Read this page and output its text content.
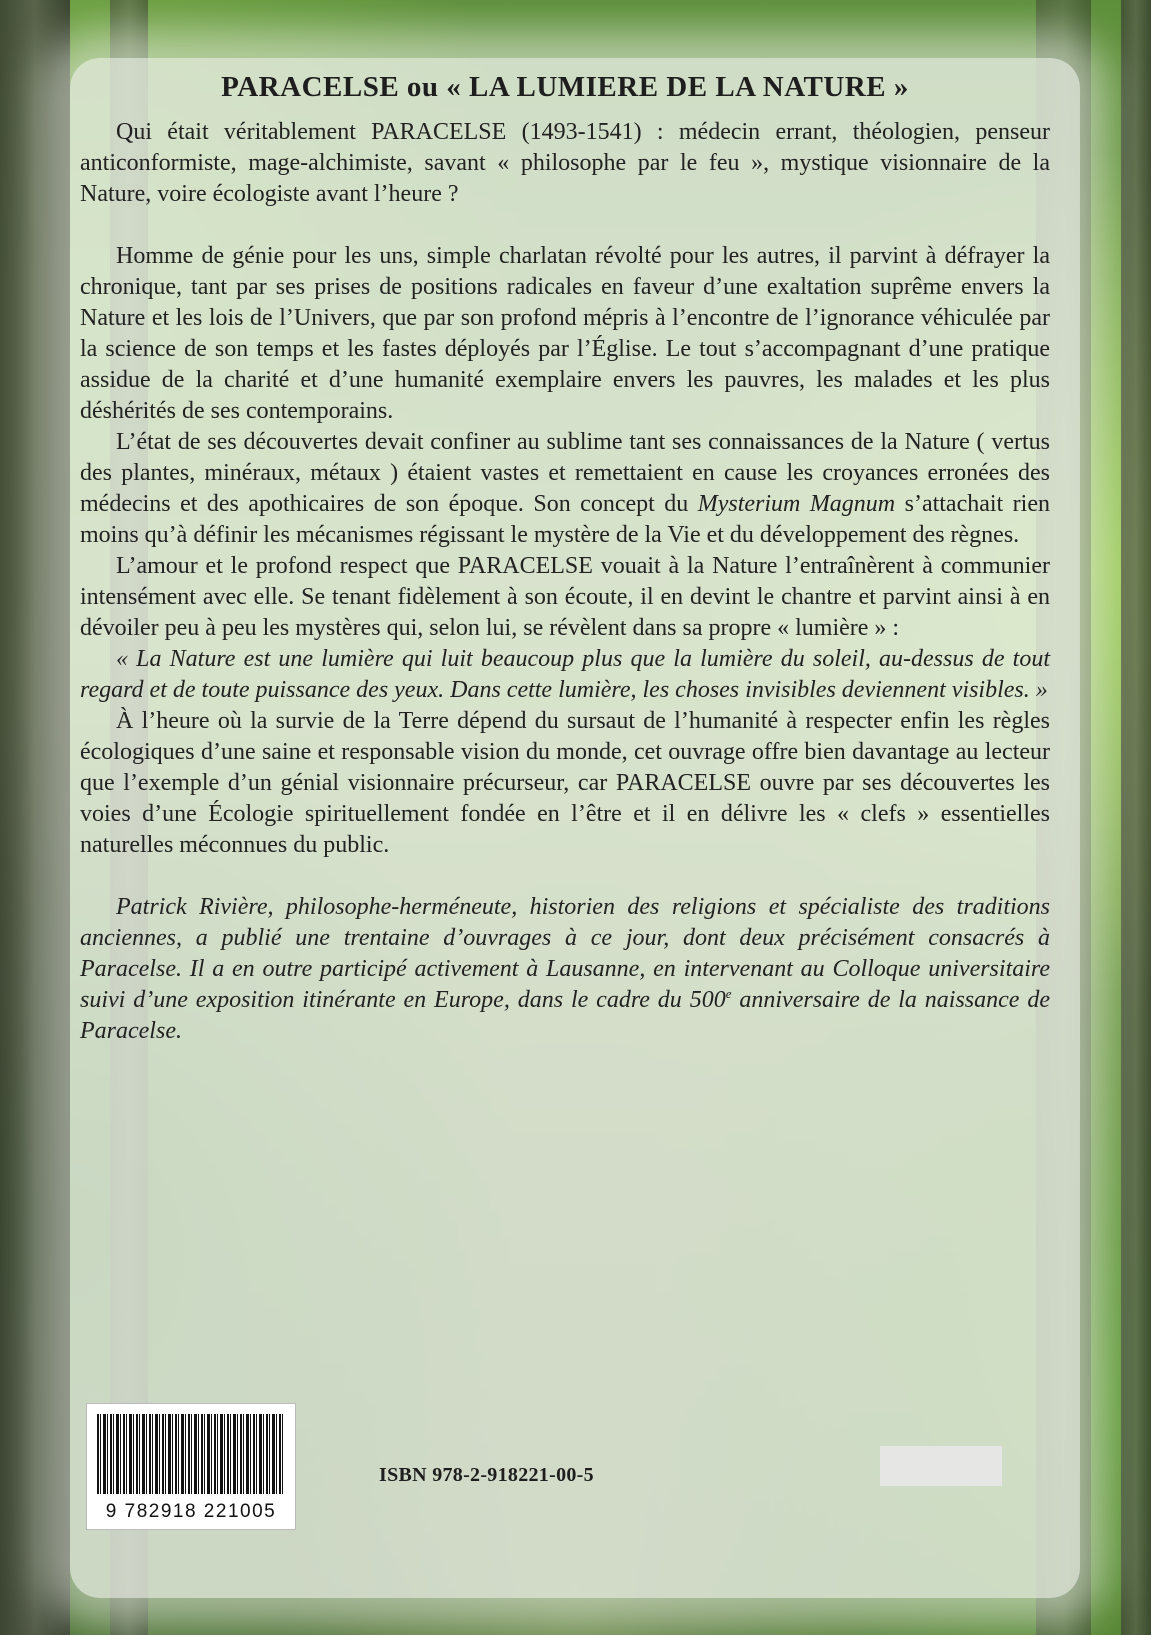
PARACELSE ou « LA LUMIERE DE LA NATURE »

Qui était véritablement PARACELSE (1493-1541) : médecin errant, théologien, penseur anticonformiste, mage-alchimiste, savant « philosophe par le feu », mystique visionnaire de la Nature, voire écologiste avant l’heure ?

Homme de génie pour les uns, simple charlatan révolté pour les autres, il parvint à défrayer la chronique, tant par ses prises de positions radicales en faveur d’une exaltation suprême envers la Nature et les lois de l’Univers, que par son profond mépris à l’encontre de l’ignorance véhiculée par la science de son temps et les fastes déployés par l’Église. Le tout s’accompagnant d’une pratique assidue de la charité et d’une humanité exemplaire envers les pauvres, les malades et les plus déshérités de ses contemporains.

L’état de ses découvertes devait confiner au sublime tant ses connaissances de la Nature ( vertus des plantes, minéraux, métaux ) étaient vastes et remettaient en cause les croyances erronées des médecins et des apothicaires de son époque. Son concept du Mysterium Magnum s’attachait rien moins qu’à définir les mécanismes régissant le mystère de la Vie et du développement des règnes.

L’amour et le profond respect que PARACELSE vouait à la Nature l’entraînèrent à communier intensément avec elle. Se tenant fidèlement à son écoute, il en devint le chantre et parvint ainsi à en dévoiler peu à peu les mystères qui, selon lui, se révèlent dans sa propre « lumière » :

« La Nature est une lumière qui luit beaucoup plus que la lumière du soleil, au-dessus de tout regard et de toute puissance des yeux. Dans cette lumière, les choses invisibles deviennent visibles. »

À l’heure où la survie de la Terre dépend du sursaut de l’humanité à respecter enfin les règles écologiques d’une saine et responsable vision du monde, cet ouvrage offre bien davantage au lecteur que l’exemple d’un génial visionnaire précurseur, car PARACELSE ouvre par ses découvertes les voies d’une Écologie spirituellement fondée en l’être et il en délivre les « clefs » essentielles naturelles méconnues du public.

Patrick Rivière, philosophe-herméneute, historien des religions et spécialiste des traditions anciennes, a publié une trentaine d’ouvrages à ce jour, dont deux précisément consacrés à Paracelse. Il a en outre participé activement à Lausanne, en intervenant au Colloque universitaire suivi d’une exposition itinérante en Europe, dans le cadre du 500e anniversaire de la naissance de Paracelse.

9 782918 221005
ISBN 978-2-918221-00-5
